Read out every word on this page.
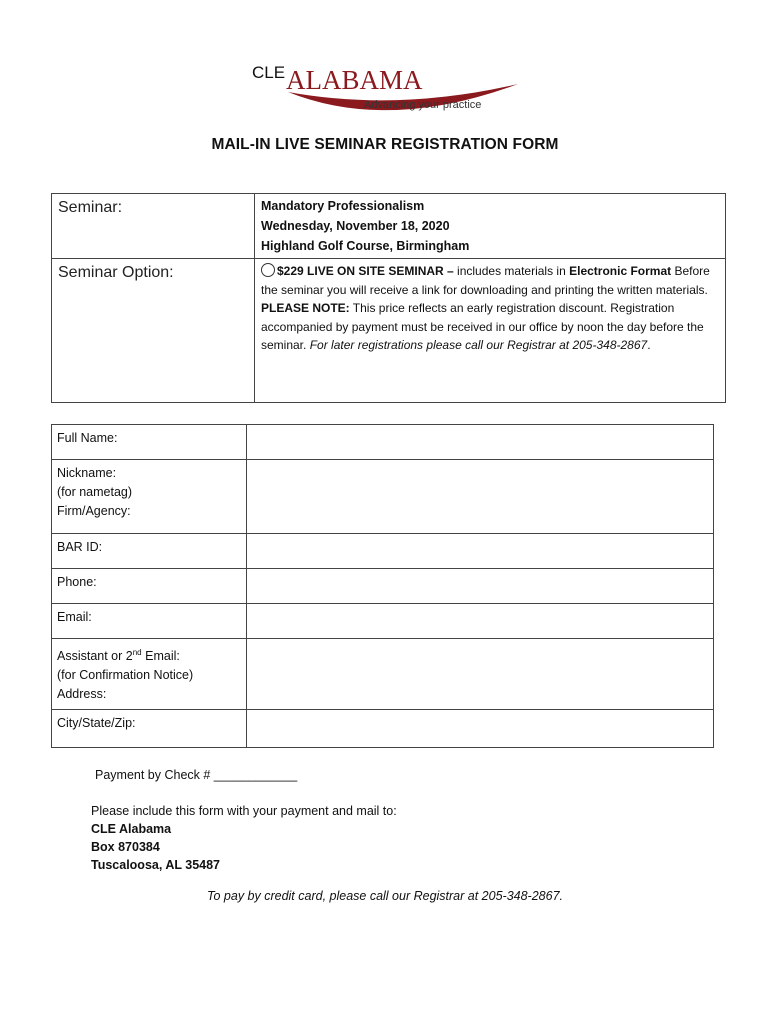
CLE ALABAMA
Advancing your practice
MAIL-IN LIVE SEMINAR REGISTRATION FORM
Seminar:	Mandatory Professionalism
Wednesday, November 18, 2020
Highland Golf Course, Birmingham

Seminar Option:	$229 LIVE ON SITE SEMINAR – includes materials in Electronic Format Before the seminar you will receive a link for downloading and printing the written materials. PLEASE NOTE: This price reflects an early registration discount. Registration accompanied by payment must be received in our office by noon the day before the seminar. For later registrations please call our Registrar at 205-348-2867.
Full Name:	

Nickname:
(for nametag)
Firm/Agency:

BAR ID:	
Phone:	
Email:	

Assistant or 2nd Email:
(for Confirmation Notice)
Address:

City/State/Zip:	
Payment by Check # ____________
Please include this form with your payment and mail to:
CLE Alabama
Box 870384
Tuscaloosa, AL 35487
To pay by credit card, please call our Registrar at 205-348-2867.
